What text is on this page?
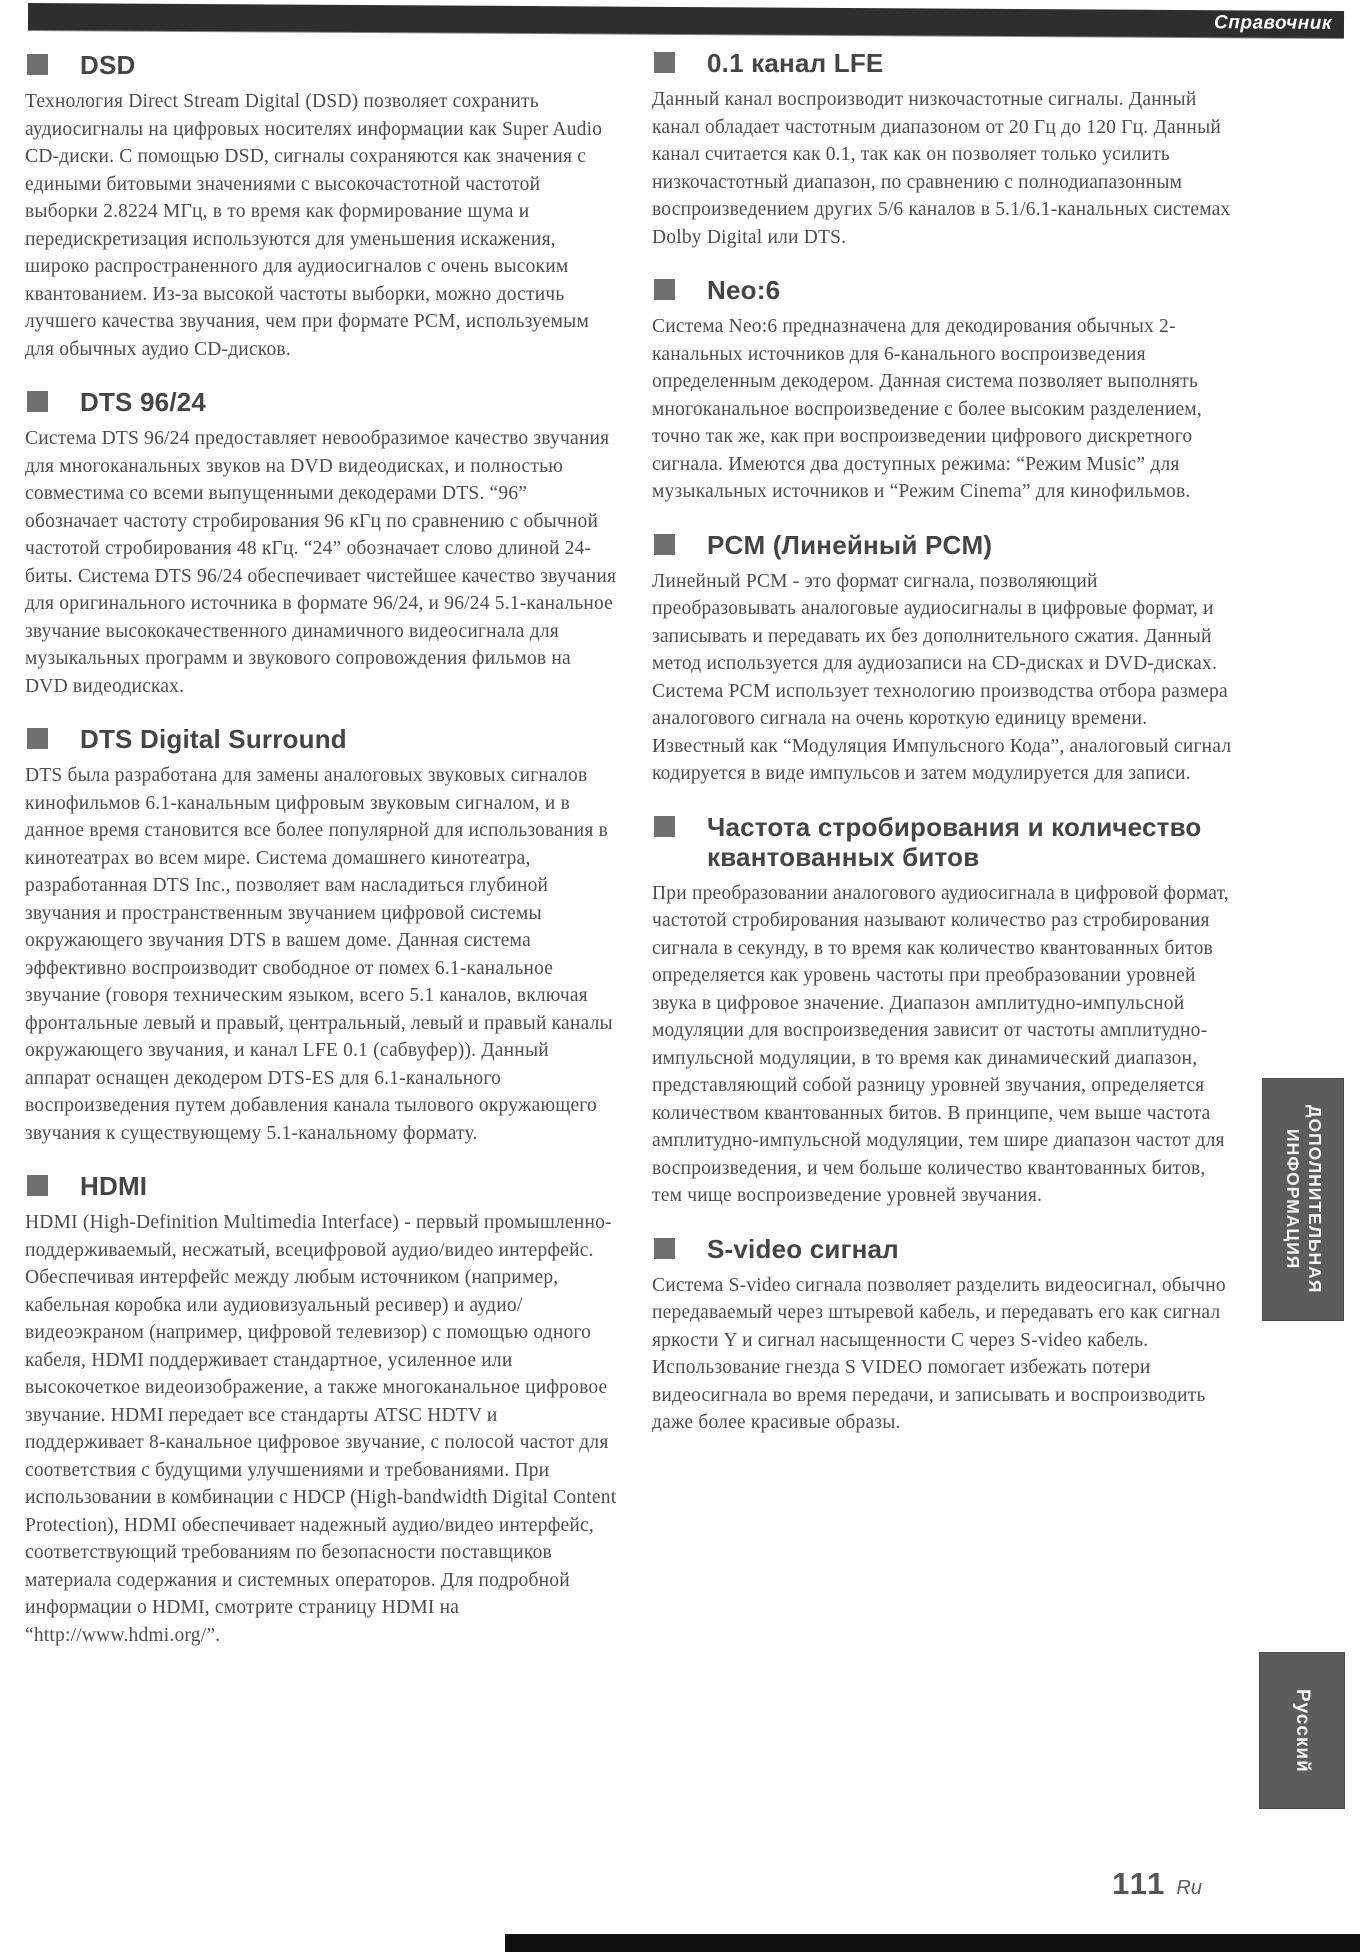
Справочник
DSD

Технология Direct Stream Digital (DSD) позволяет сохранить аудиосигналы на цифровых носителях информации как Super Audio CD-диски. С помощью DSD, сигналы сохраняются как значения с едиными битовыми значениями с высокочастотной частотой выборки 2.8224 МГц, в то время как формирование шума и передискретизация используются для уменьшения искажения, широко распространенного для аудиосигналов с очень высоким квантованием. Из-за высокой частоты выборки, можно достичь лучшего качества звучания, чем при формате PCM, используемым для обычных аудио CD-дисков.

DTS 96/24

Система DTS 96/24 предоставляет невообразимое качество звучания для многоканальных звуков на DVD видеодисках, и полностью совместима со всеми выпущенными декодерами DTS. “96” обозначает частоту стробирования 96 кГц по сравнению с обычной частотой стробирования 48 кГц. “24” обозначает слово длиной 24-биты. Система DTS 96/24 обеспечивает чистейшее качество звучания для оригинального источника в формате 96/24, и 96/24 5.1-канальное звучание высококачественного динамичного видеосигнала для музыкальных программ и звукового сопровождения фильмов на DVD видеодисках.

DTS Digital Surround

DTS была разработана для замены аналоговых звуковых сигналов кинофильмов 6.1-канальным цифровым звуковым сигналом, и в данное время становится все более популярной для использования в кинотеатрах во всем мире. Система домашнего кинотеатра, разработанная DTS Inc., позволяет вам насладиться глубиной звучания и пространственным звучанием цифровой системы окружающего звучания DTS в вашем доме. Данная система эффективно воспроизводит свободное от помех 6.1-канальное звучание (говоря техническим языком, всего 5.1 каналов, включая фронтальные левый и правый, центральный, левый и правый каналы окружающего звучания, и канал LFE 0.1 (сабвуфер)). Данный аппарат оснащен декодером DTS-ES для 6.1-канального воспроизведения путем добавления канала тылового окружающего звучания к существующему 5.1-канальному формату.

HDMI

HDMI (High-Definition Multimedia Interface) - первый промышленно-поддерживаемый, несжатый, всецифровой аудио/видео интерфейс. Обеспечивая интерфейс между любым источником (например, кабельная коробка или аудиовизуальный ресивер) и аудио/видеоэкраном (например, цифровой телевизор) с помощью одного кабеля, HDMI поддерживает стандартное, усиленное или высокочеткое видеоизображение, а также многоканальное цифровое звучание. HDMI передает все стандарты ATSC HDTV и поддерживает 8-канальное цифровое звучание, с полосой частот для соответствия с будущими улучшениями и требованиями. При использовании в комбинации с HDCP (High-bandwidth Digital Content Protection), HDMI обеспечивает надежный аудио/видео интерфейс, соответствующий требованиям по безопасности поставщиков материала содержания и системных операторов. Для подробной информации о HDMI, смотрите страницу HDMI на “http://www.hdmi.org/”.

0.1 канал LFE

Данный канал воспроизводит низкочастотные сигналы. Данный канал обладает частотным диапазоном от 20 Гц до 120 Гц. Данный канал считается как 0.1, так как он позволяет только усилить низкочастотный диапазон, по сравнению с полнодиапазонным воспроизведением других 5/6 каналов в 5.1/6.1-канальных системах Dolby Digital или DTS.

Neo:6

Система Neo:6 предназначена для декодирования обычных 2-канальных источников для 6-канального воспроизведения определенным декодером. Данная система позволяет выполнять многоканальное воспроизведение с более высоким разделением, точно так же, как при воспроизведении цифрового дискретного сигнала. Имеются два доступных режима: “Режим Music” для музыкальных источников и “Режим Cinema” для кинофильмов.

PCM (Линейный PCM)

Линейный PCM - это формат сигнала, позволяющий преобразовывать аналоговые аудиосигналы в цифровые формат, и записывать и передавать их без дополнительного сжатия. Данный метод используется для аудиозаписи на CD-дисках и DVD-дисках. Система PCM использует технологию производства отбора размера аналогового сигнала на очень короткую единицу времени. Известный как “Модуляция Импульсного Кода”, аналоговый сигнал кодируется в виде импульсов и затем модулируется для записи.

Частота стробирования и количество квантованных битов

При преобразовании аналогового аудиосигнала в цифровой формат, частотой стробирования называют количество раз стробирования сигнала в секунду, в то время как количество квантованных битов определяется как уровень частоты при преобразовании уровней звука в цифровое значение. Диапазон амплитудно-импульсной модуляции для воспроизведения зависит от частоты амплитудно-импульсной модуляции, в то время как динамический диапазон, представляющий собой разницу уровней звучания, определяется количеством квантованных битов. В принципе, чем выше частота амплитудно-импульсной модуляции, тем шире диапазон частот для воспроизведения, и чем больше количество квантованных битов, тем чище воспроизведение уровней звучания.

S-video сигнал

Система S-video сигнала позволяет разделить видеосигнал, обычно передаваемый через штыревой кабель, и передавать его как сигнал яркости Y и сигнал насыщенности C через S-video кабель. Использование гнезда S VIDEO помогает избежать потери видеосигнала во время передачи, и записывать и воспроизводить даже более красивые образы.

ДОПОЛНИТЕЛЬНАЯ
ИНФОРМАЦИЯ
Русский
111 Ru
